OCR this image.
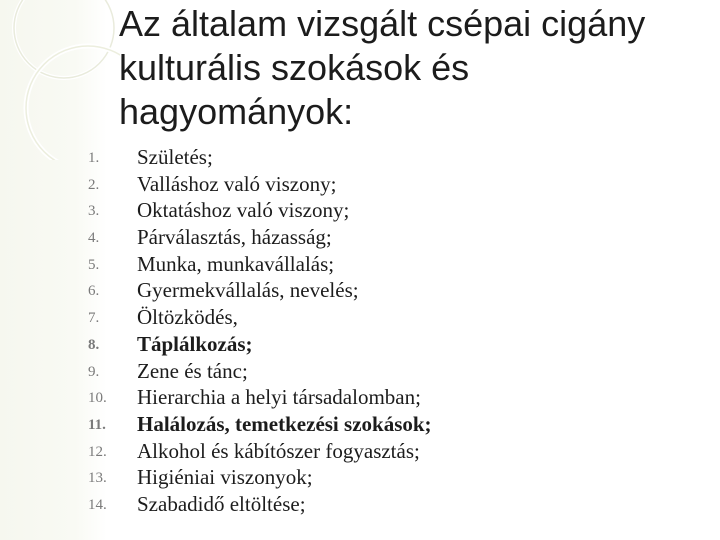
Az általam vizsgált csépai cigány kulturális szokások és hagyományok:
1.	Születés;
2.	Valláshoz való viszony;
3.	Oktatáshoz való viszony;
4.	Párválasztás, házasság;
5.	Munka, munkavállalás;
6.	Gyermekvállalás, nevelés;
7.	Öltözködés,
8.	Táplálkozás;
9.	Zene és tánc;
10.	Hierarchia a helyi társadalomban;
11.	Halálozás, temetkezési szokások;
12.	Alkohol és kábítószer fogyasztás;
13.	Higiéniai viszonyok;
14.	Szabadidő eltöltése;
